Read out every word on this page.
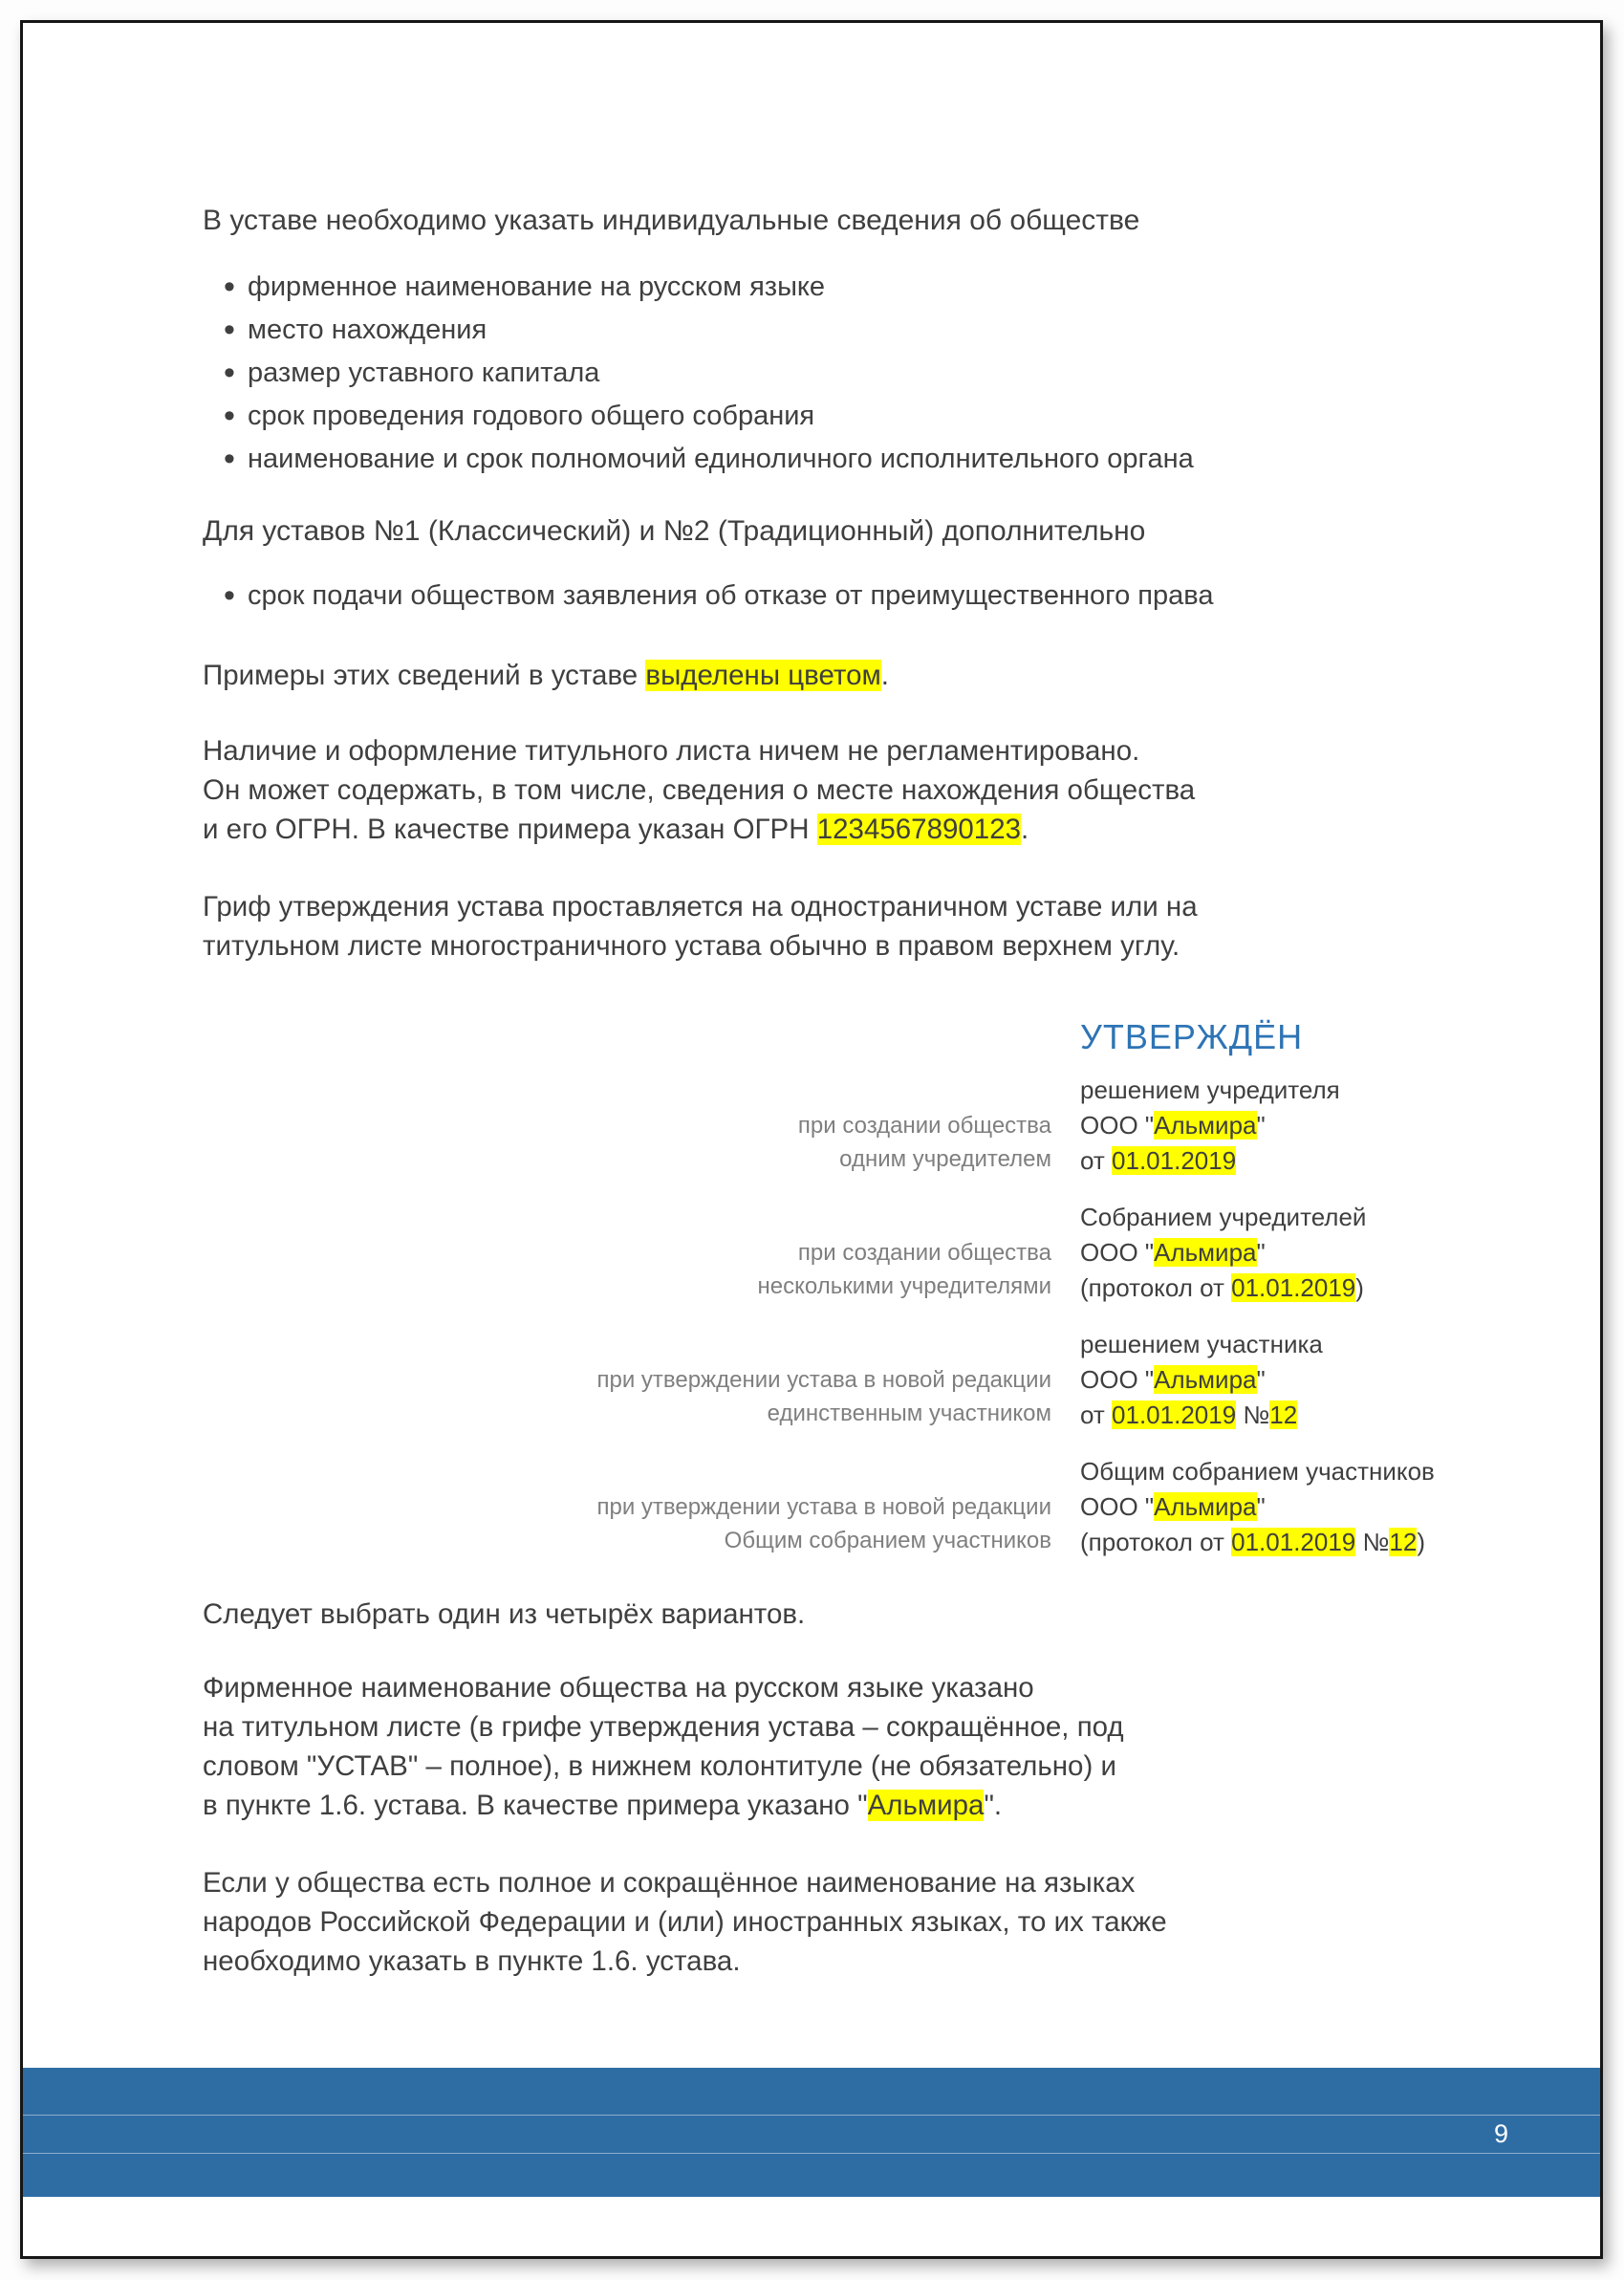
В уставе необходимо указать индивидуальные сведения об обществе

• фирменное наименование на русском языке
• место нахождения
• размер уставного капитала
• срок проведения годового общего собрания
• наименование и срок полномочий единоличного исполнительного органа

Для уставов №1 (Классический) и №2 (Традиционный) дополнительно

• срок подачи обществом заявления об отказе от преимущественного права
Примеры этих сведений в уставе выделены цветом.
Наличие и оформление титульного листа ничем не регламентировано.
Он может содержать, в том числе, сведения о месте нахождения общества
и его ОГРН. В качестве примера указан ОГРН 1234567890123.
Гриф утверждения устава проставляется на одностраничном уставе или на
титульном листе многостраничного устава обычно в правом верхнем углу.

УТВЕРЖДЁН

при создании общества
одним учредителем
решением учредителя
ООО "Альмира"
от 01.01.2019
при создании общества
несколькими учредителями
Собранием учредителей
ООО "Альмира"
(протокол от 01.01.2019)
при утверждении устава в новой редакции
единственным участником
решением участника
ООО "Альмира"
от 01.01.2019 №12
при утверждении устава в новой редакции
Общим собранием участников
Общим собранием участников
ООО "Альмира"
(протокол от 01.01.2019 №12)
Следует выбрать один из четырёх вариантов.
Фирменное наименование общества на русском языке указано
на титульном листе (в грифе утверждения устава – сокращённое, под
словом "УСТАВ" – полное), в нижнем колонтитуле (не обязательно) и
в пункте 1.6. устава. В качестве примера указано "Альмира".
Если у общества есть полное и сокращённое наименование на языках
народов Российской Федерации и (или) иностранных языках, то их также
необходимо указать в пункте 1.6. устава.
9
